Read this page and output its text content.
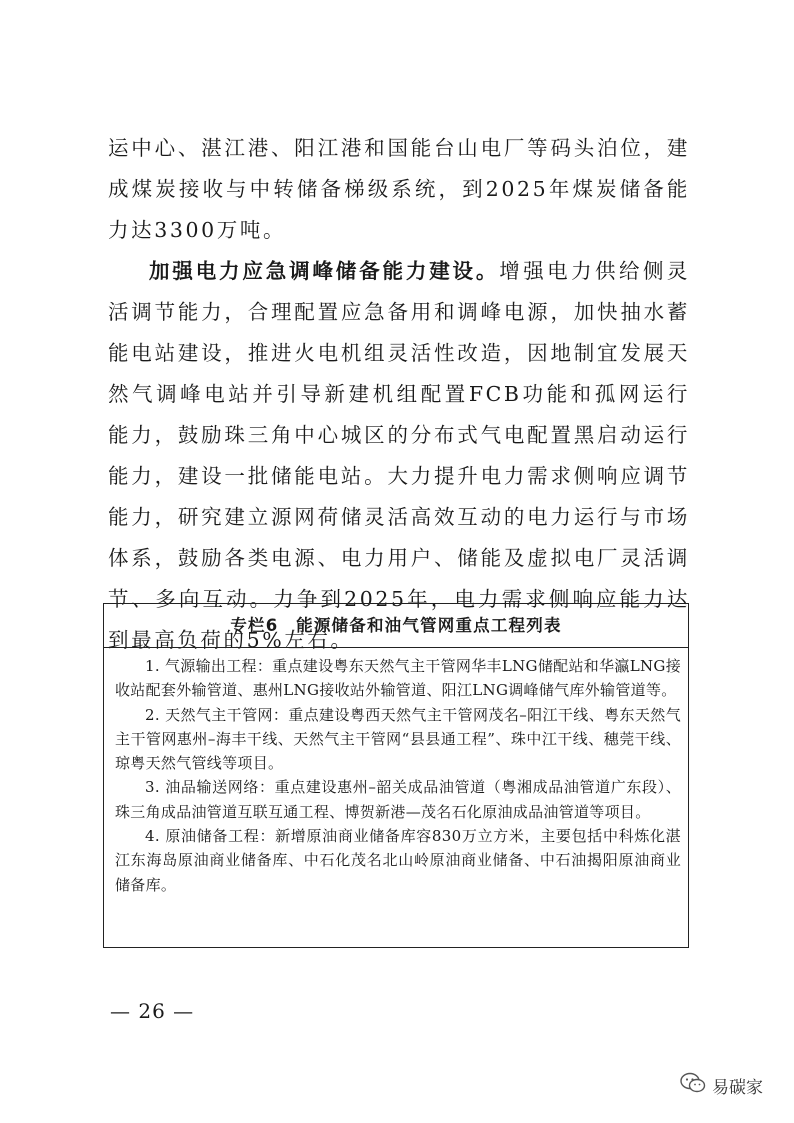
运中心、湛江港、阳江港和国能台山电厂等码头泊位，建成煤炭接收与中转储备梯级系统，到2025年煤炭储备能力达3300万吨。

加强电力应急调峰储备能力建设。增强电力供给侧灵活调节能力，合理配置应急备用和调峰电源，加快抽水蓄能电站建设，推进火电机组灵活性改造，因地制宜发展天然气调峰电站并引导新建机组配置FCB功能和孤网运行能力，鼓励珠三角中心城区的分布式气电配置黑启动运行能力，建设一批储能电站。大力提升电力需求侧响应调节能力，研究建立源网荷储灵活高效互动的电力运行与市场体系，鼓励各类电源、电力用户、储能及虚拟电厂灵活调节、多向互动。力争到2025年，电力需求侧响应能力达到最高负荷的5%左右。

专栏6　能源储备和油气管网重点工程列表

1. 气源输出工程：重点建设粤东天然气主干管网华丰LNG储配站和华瀛LNG接收站配套外输管道、惠州LNG接收站外输管道、阳江LNG调峰储气库外输管道等。

2. 天然气主干管网：重点建设粤西天然气主干管网茂名–阳江干线、粤东天然气主干管网惠州–海丰干线、天然气主干管网“县县通工程”、珠中江干线、穗莞干线、琼粤天然气管线等项目。

3. 油品输送网络：重点建设惠州–韶关成品油管道（粤湘成品油管道广东段）、珠三角成品油管道互联互通工程、博贺新港—茂名石化原油成品油管道等项目。

4. 原油储备工程：新增原油商业储备库容830万立方米，主要包括中科炼化湛江东海岛原油商业储备库、中石化茂名北山岭原油商业储备、中石油揭阳原油商业储备库。

— 26 —
易碳家
